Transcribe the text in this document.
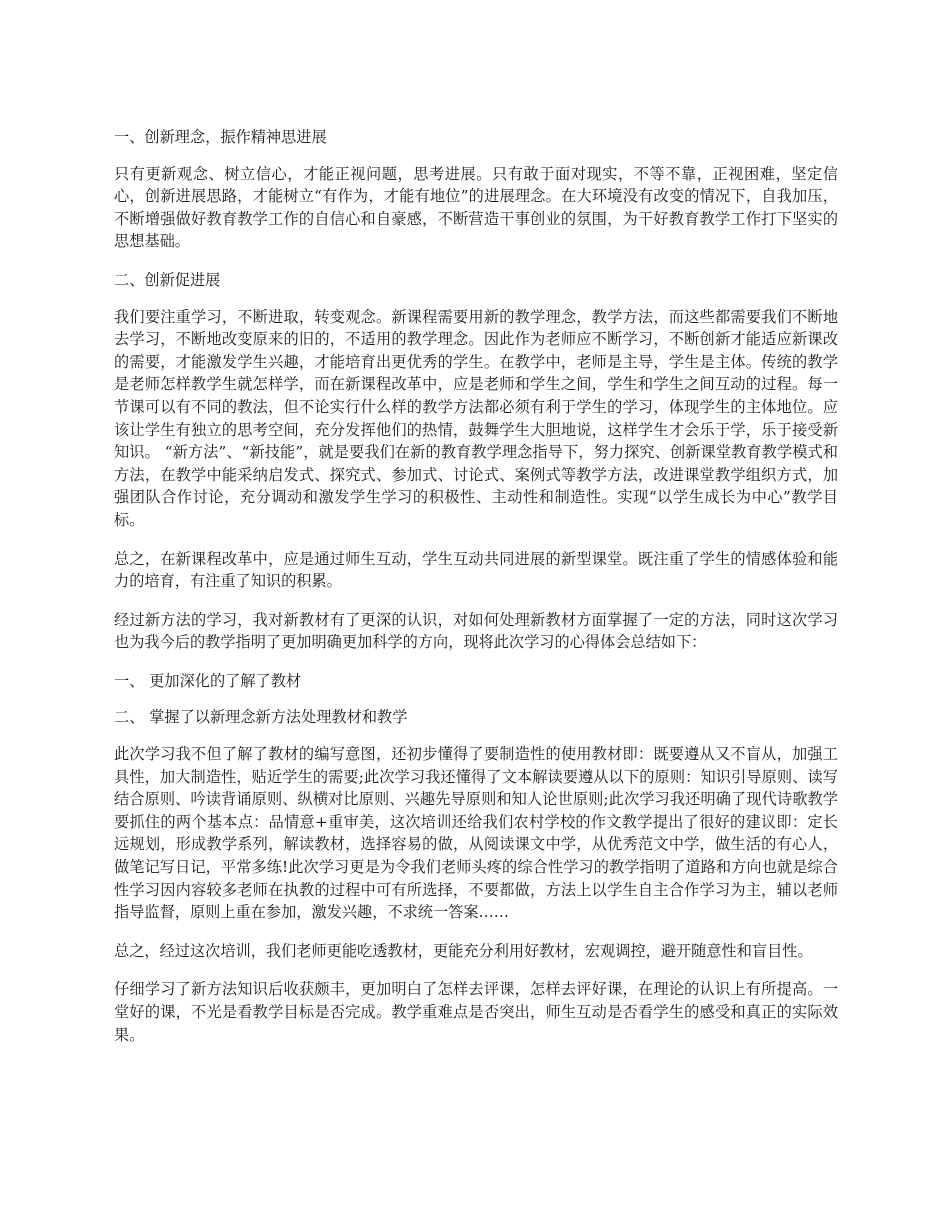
一、创新理念，振作精神思进展

只有更新观念、树立信心，才能正视问题，思考进展。只有敢于面对现实，不等不靠，正视困难，坚定信心，创新进展思路，才能树立“有作为，才能有地位”的进展理念。在大环境没有改变的情况下，自我加压，不断增强做好教育教学工作的自信心和自豪感，不断营造干事创业的氛围，为干好教育教学工作打下坚实的思想基础。

二、创新促进展

我们要注重学习，不断进取，转变观念。新课程需要用新的教学理念，教学方法，而这些都需要我们不断地去学习，不断地改变原来的旧的，不适用的教学理念。因此作为老师应不断学习，不断创新才能适应新课改的需要，才能激发学生兴趣，才能培育出更优秀的学生。在教学中，老师是主导，学生是主体。传统的教学是老师怎样教学生就怎样学，而在新课程改革中，应是老师和学生之间，学生和学生之间互动的过程。每一节课可以有不同的教法，但不论实行什么样的教学方法都必须有利于学生的学习，体现学生的主体地位。应该让学生有独立的思考空间，充分发挥他们的热情，鼓舞学生大胆地说，这样学生才会乐于学，乐于接受新知识。 “新方法”、“新技能”，就是要我们在新的教育教学理念指导下，努力探究、创新课堂教育教学模式和方法，在教学中能采纳启发式、探究式、参加式、讨论式、案例式等教学方法，改进课堂教学组织方式，加强团队合作讨论，充分调动和激发学生学习的积极性、主动性和制造性。实现“以学生成长为中心”教学目标。

总之，在新课程改革中，应是通过师生互动，学生互动共同进展的新型课堂。既注重了学生的情感体验和能力的培育，有注重了知识的积累。

经过新方法的学习，我对新教材有了更深的认识，对如何处理新教材方面掌握了一定的方法，同时这次学习也为我今后的教学指明了更加明确更加科学的方向，现将此次学习的心得体会总结如下：

一、 更加深化的了解了教材

二、 掌握了以新理念新方法处理教材和教学

此次学习我不但了解了教材的编写意图，还初步懂得了要制造性的使用教材即：既要遵从又不盲从，加强工具性，加大制造性，贴近学生的需要;此次学习我还懂得了文本解读要遵从以下的原则：知识引导原则、读写结合原则、吟读背诵原则、纵横对比原则、兴趣先导原则和知人论世原则;此次学习我还明确了现代诗歌教学要抓住的两个基本点：品情意+重审美，这次培训还给我们农村学校的作文教学提出了很好的建议即：定长远规划，形成教学系列，解读教材，选择容易的做，从阅读课文中学，从优秀范文中学，做生活的有心人，做笔记写日记，平常多练!此次学习更是为令我们老师头疼的综合性学习的教学指明了道路和方向也就是综合性学习因内容较多老师在执教的过程中可有所选择，不要都做，方法上以学生自主合作学习为主，辅以老师指导监督，原则上重在参加，激发兴趣，不求统一答案……

总之，经过这次培训，我们老师更能吃透教材，更能充分利用好教材，宏观调控，避开随意性和盲目性。

仔细学习了新方法知识后收获颇丰，更加明白了怎样去评课，怎样去评好课，在理论的认识上有所提高。一堂好的课，不光是看教学目标是否完成。教学重难点是否突出，师生互动是否看学生的感受和真正的实际效果。
